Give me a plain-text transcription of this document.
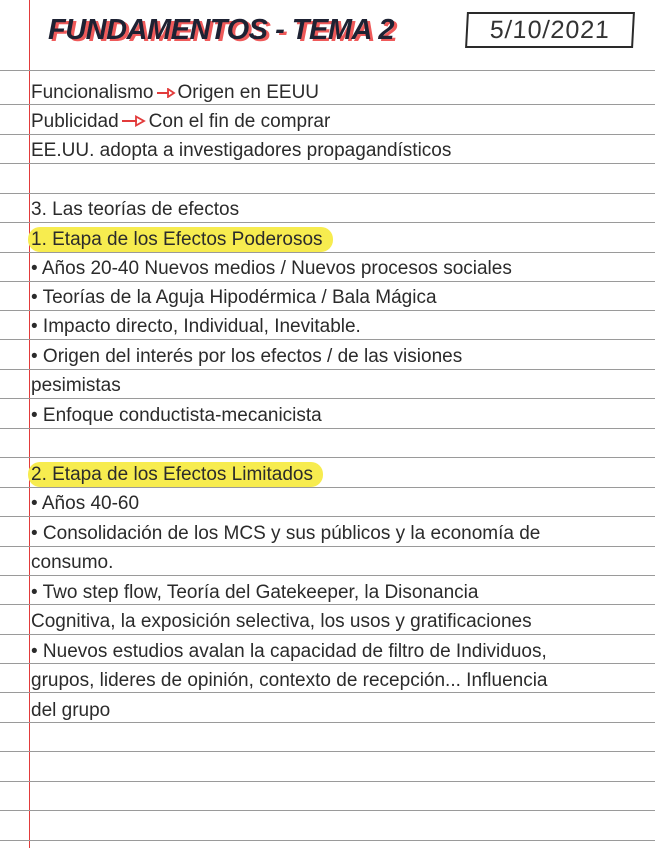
FUNDAMENTOS - TEMA 2	5/10/2021
Funcionalismo Origen en EEUU
Publicidad Con el fin de comprar
EE.UU. adopta a investigadores propagandísticos
3. Las teorías de efectos
1. Etapa de los Efectos Poderosos
• Años 20-40 Nuevos medios / Nuevos procesos sociales
• Teorías de la Aguja Hipodérmica / Bala Mágica
• Impacto directo, Individual, Inevitable.
• Origen del interés por los efectos / de las visiones
pesimistas
• Enfoque conductista-mecanicista
2. Etapa de los Efectos Limitados
• Años 40-60
• Consolidación de los MCS y sus públicos y la economía de
consumo.
• Two step flow, Teoría del Gatekeeper, la Disonancia
Cognitiva, la exposición selectiva, los usos y gratificaciones
• Nuevos estudios avalan la capacidad de filtro de Individuos,
grupos, lideres de opinión, contexto de recepción... Influencia
del grupo
